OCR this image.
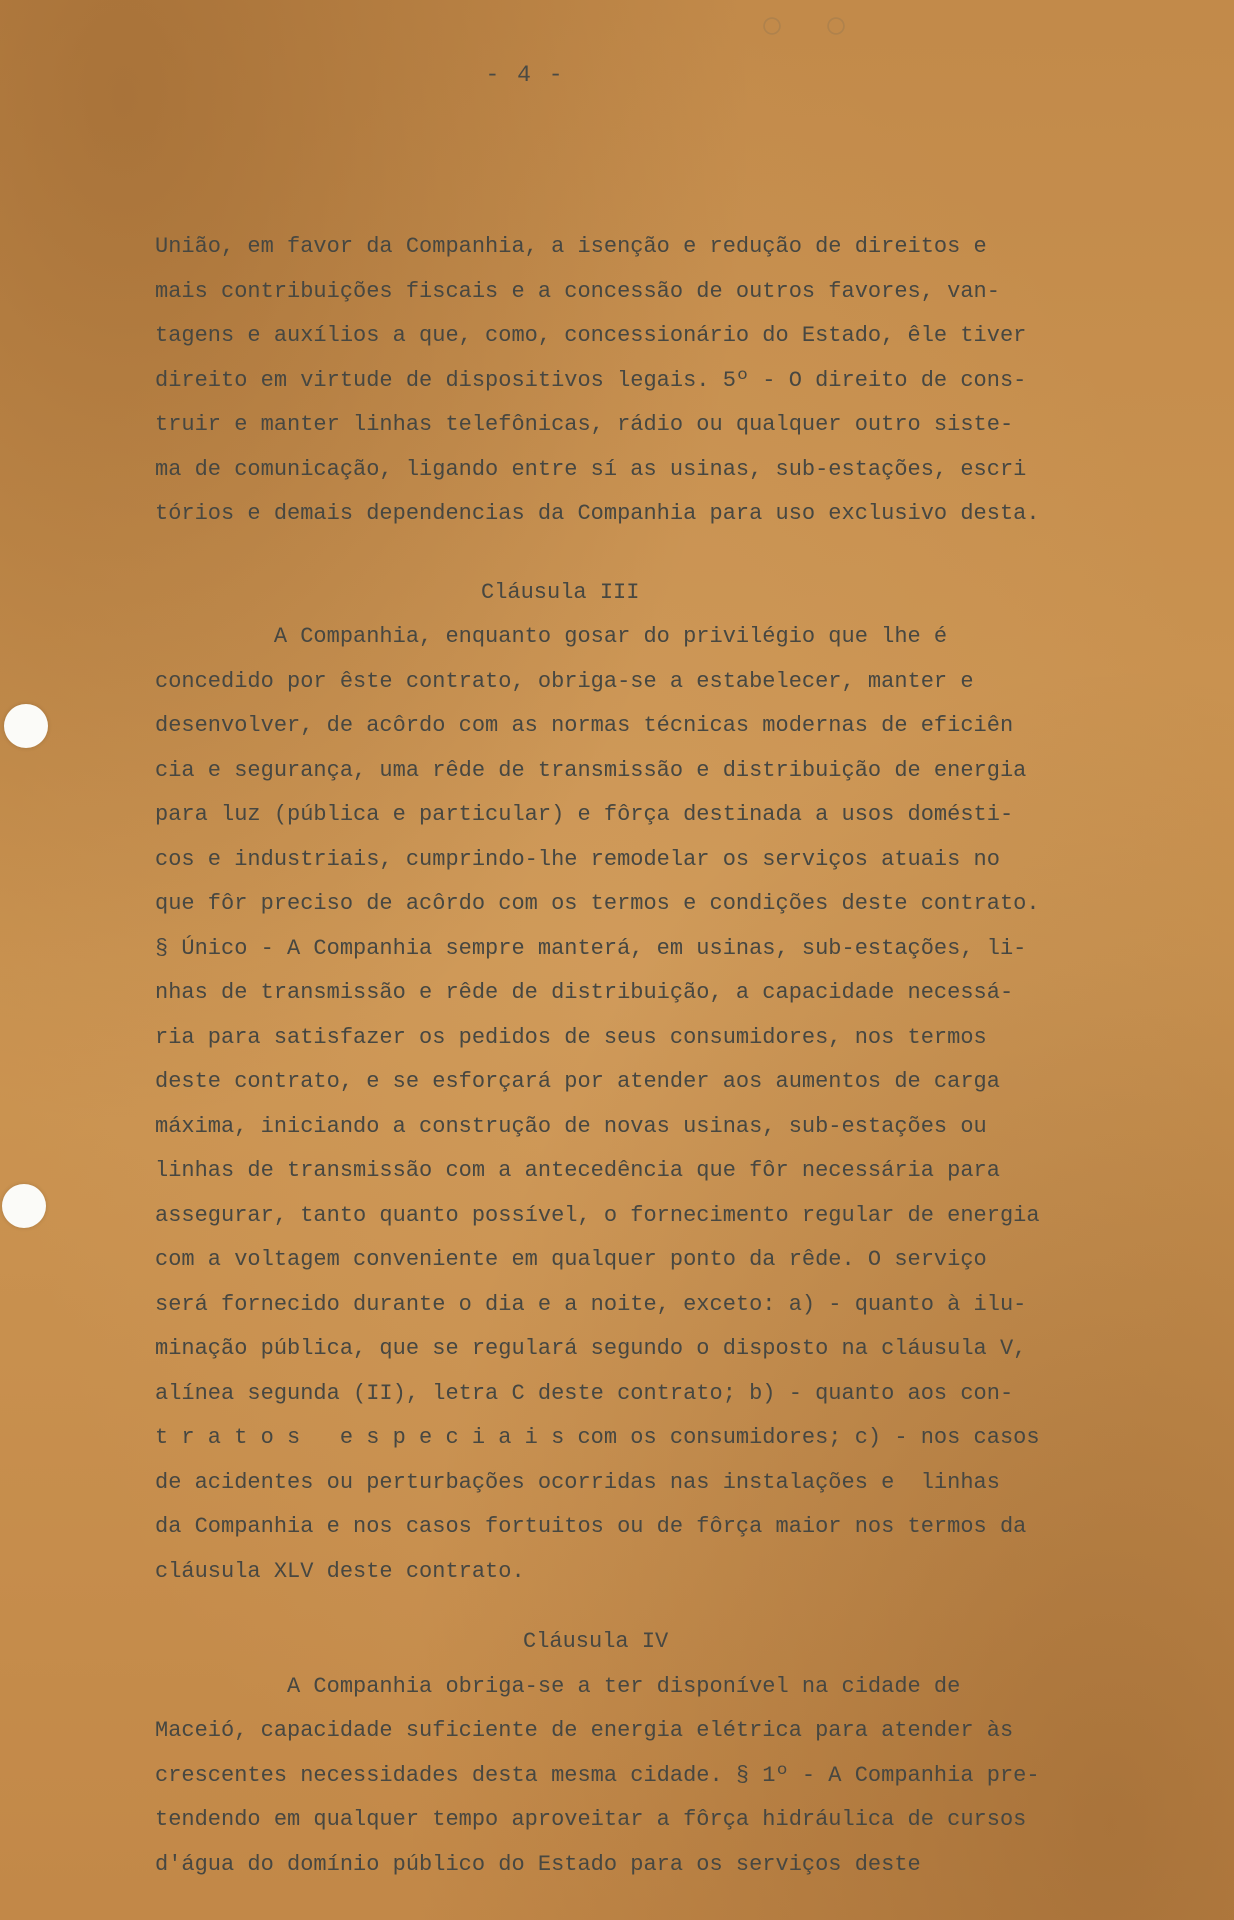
○ ○
- 4 -
União, em favor da Companhia, a isenção e redução de direitos e
mais contribuições fiscais e a concessão de outros favores, van-
tagens e auxílios a que, como, concessionário do Estado, êle tiver
direito em virtude de dispositivos legais. 5º - O direito de cons-
truir e manter linhas telefônicas, rádio ou qualquer outro siste-
ma de comunicação, ligando entre sí as usinas, sub-estações, escri
tórios e demais dependencias da Companhia para uso exclusivo desta.
Cláusula III
A Companhia, enquanto gosar do privilégio que lhe é
concedido por êste contrato, obriga-se a estabelecer, manter e
desenvolver, de acôrdo com as normas técnicas modernas de eficiên
cia e segurança, uma rêde de transmissão e distribuição de energia
para luz (pública e particular) e fôrça destinada a usos domésti-
cos e industriais, cumprindo-lhe remodelar os serviços atuais no
que fôr preciso de acôrdo com os termos e condições deste contrato.
§ Único - A Companhia sempre manterá, em usinas, sub-estações, li-
nhas de transmissão e rêde de distribuição, a capacidade necessá-
ria para satisfazer os pedidos de seus consumidores, nos termos
deste contrato, e se esforçará por atender aos aumentos de carga
máxima, iniciando a construção de novas usinas, sub-estações ou
linhas de transmissão com a antecedência que fôr necessária para
assegurar, tanto quanto possível, o fornecimento regular de energia
com a voltagem conveniente em qualquer ponto da rêde. O serviço
será fornecido durante o dia e a noite, exceto: a) - quanto à ilu-
minação pública, que se regulará segundo o disposto na cláusula V,
alínea segunda (II), letra C deste contrato; b) - quanto aos con-
t r a t o s   e s p e c i a i s com os consumidores; c) - nos casos
de acidentes ou perturbações ocorridas nas instalações e  linhas
da Companhia e nos casos fortuitos ou de fôrça maior nos termos da
cláusula XLV deste contrato.
Cláusula IV
A Companhia obriga-se a ter disponível na cidade de
Maceió, capacidade suficiente de energia elétrica para atender às
crescentes necessidades desta mesma cidade. § 1º - A Companhia pre-
tendendo em qualquer tempo aproveitar a fôrça hidráulica de cursos
d'água do domínio público do Estado para os serviços deste
